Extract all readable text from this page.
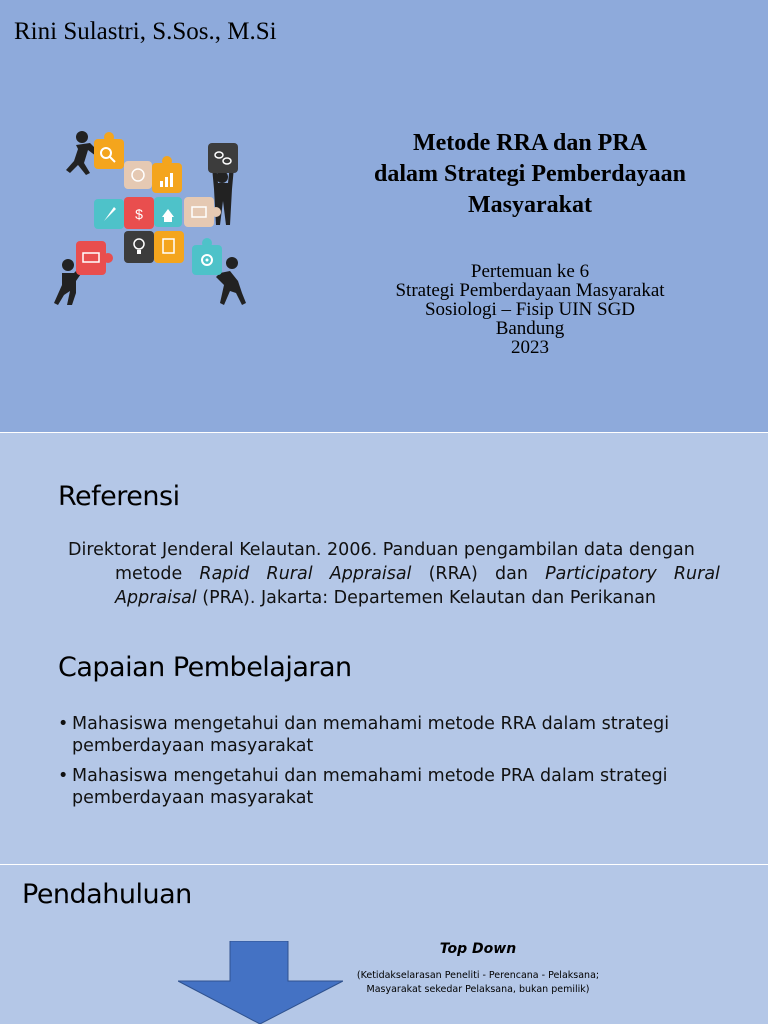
Rini Sulastri, S.Sos., M.Si
$
Metode RRA dan PRA
dalam Strategi Pemberdayaan
Masyarakat
Pertemuan ke 6
Strategi Pemberdayaan Masyarakat
Sosiologi – Fisip UIN SGD
Bandung
2023
Referensi
Direktorat Jenderal Kelautan. 2006. Panduan pengambilan data dengan
metode Rapid Rural Appraisal (RRA) dan Participatory Rural
Appraisal (PRA). Jakarta: Departemen Kelautan dan Perikanan
Capaian Pembelajaran
• Mahasiswa mengetahui dan memahami metode RRA dalam strategi pemberdayaan masyarakat
• Mahasiswa mengetahui dan memahami metode PRA dalam strategi pemberdayaan masyarakat
Pendahuluan
Top Down
(Ketidakselarasan Peneliti - Perencana - Pelaksana;
Masyarakat sekedar Pelaksana, bukan pemilik)
